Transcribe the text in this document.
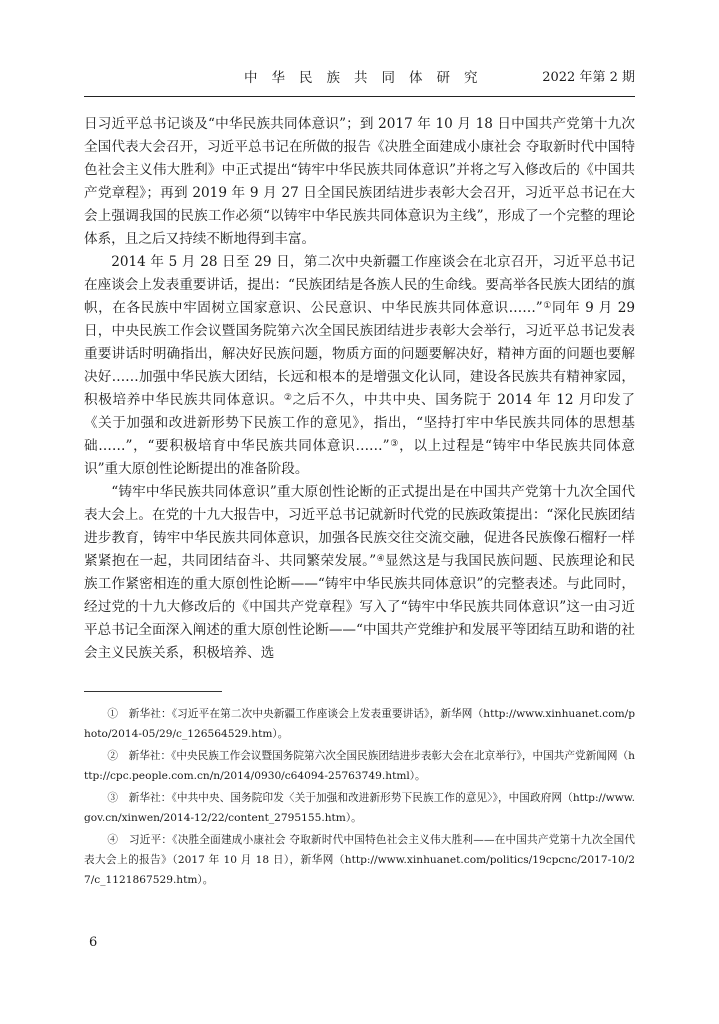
中华民族共同体研究	2022 年第 2 期

日习近平总书记谈及“中华民族共同体意识”；到 2017 年 10 月 18 日中国共产党第十九次全国代表大会召开，习近平总书记在所做的报告《决胜全面建成小康社会 夺取新时代中国特色社会主义伟大胜利》中正式提出“铸牢中华民族共同体意识”并将之写入修改后的《中国共产党章程》；再到 2019 年 9 月 27 日全国民族团结进步表彰大会召开，习近平总书记在大会上强调我国的民族工作必须“以铸牢中华民族共同体意识为主线”，形成了一个完整的理论体系，且之后又持续不断地得到丰富。

2014 年 5 月 28 日至 29 日，第二次中央新疆工作座谈会在北京召开，习近平总书记在座谈会上发表重要讲话，提出：“民族团结是各族人民的生命线。要高举各民族大团结的旗帜，在各民族中牢固树立国家意识、公民意识、中华民族共同体意识……”①同年 9 月 29 日，中央民族工作会议暨国务院第六次全国民族团结进步表彰大会举行，习近平总书记发表重要讲话时明确指出，解决好民族问题，物质方面的问题要解决好，精神方面的问题也要解决好……加强中华民族大团结，长远和根本的是增强文化认同，建设各民族共有精神家园，积极培养中华民族共同体意识。②之后不久，中共中央、国务院于 2014 年 12 月印发了《关于加强和改进新形势下民族工作的意见》，指出，“坚持打牢中华民族共同体的思想基础……”，“要积极培育中华民族共同体意识……”③，以上过程是“铸牢中华民族共同体意识”重大原创性论断提出的准备阶段。

“铸牢中华民族共同体意识”重大原创性论断的正式提出是在中国共产党第十九次全国代表大会上。在党的十九大报告中，习近平总书记就新时代党的民族政策提出：“深化民族团结进步教育，铸牢中华民族共同体意识，加强各民族交往交流交融，促进各民族像石榴籽一样紧紧抱在一起，共同团结奋斗、共同繁荣发展。”④显然这是与我国民族问题、民族理论和民族工作紧密相连的重大原创性论断——“铸牢中华民族共同体意识”的完整表述。与此同时，经过党的十九大修改后的《中国共产党章程》写入了“铸牢中华民族共同体意识”这一由习近平总书记全面深入阐述的重大原创性论断——“中国共产党维护和发展平等团结互助和谐的社会主义民族关系，积极培养、选

①　新华社：《习近平在第二次中央新疆工作座谈会上发表重要讲话》，新华网（http://www.xinhuanet.com/photo/2014-05/29/c_126564529.htm）。

②　新华社：《中央民族工作会议暨国务院第六次全国民族团结进步表彰大会在北京举行》，中国共产党新闻网（http://cpc.people.com.cn/n/2014/0930/c64094-25763749.html）。

③　新华社：《中共中央、国务院印发〈关于加强和改进新形势下民族工作的意见〉》，中国政府网（http://www.gov.cn/xinwen/2014-12/22/content_2795155.htm）。

④　习近平：《决胜全面建成小康社会 夺取新时代中国特色社会主义伟大胜利——在中国共产党第十九次全国代表大会上的报告》（2017 年 10 月 18 日），新华网（http://www.xinhuanet.com/politics/19cpcnc/2017-10/27/c_1121867529.htm）。

6
